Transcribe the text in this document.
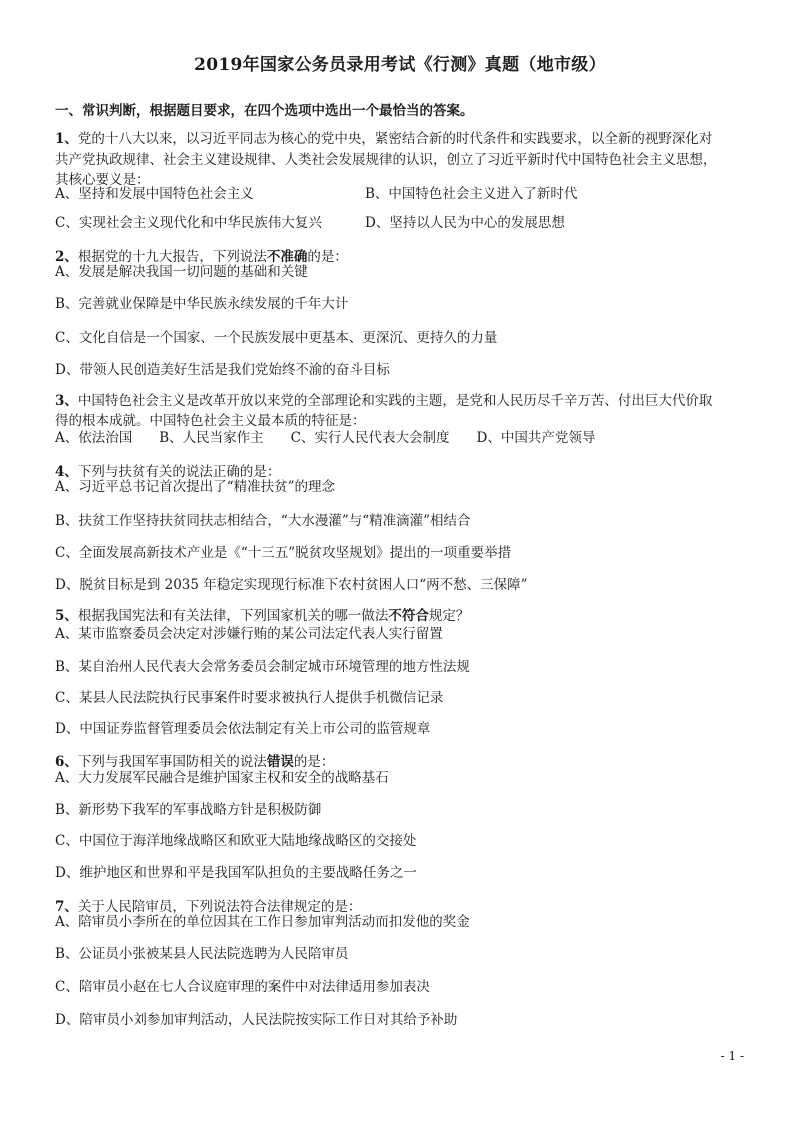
2019年国家公务员录用考试《行测》真题（地市级）
一、常识判断，根据题目要求，在四个选项中选出一个最恰当的答案。
1、党的十八大以来，以习近平同志为核心的党中央，紧密结合新的时代条件和实践要求，以全新的视野深化对
共产党执政规律、社会主义建设规律、人类社会发展规律的认识，创立了习近平新时代中国特色社会主义思想，
其核心要义是：
A、坚持和发展中国特色社会主义	B、中国特色社会主义进入了新时代
C、实现社会主义现代化和中华民族伟大复兴	D、坚持以人民为中心的发展思想
2、根据党的十九大报告，下列说法不准确的是：
A、发展是解决我国一切问题的基础和关键
B、完善就业保障是中华民族永续发展的千年大计
C、文化自信是一个国家、一个民族发展中更基本、更深沉、更持久的力量
D、带领人民创造美好生活是我们党始终不渝的奋斗目标
3、中国特色社会主义是改革开放以来党的全部理论和实践的主题，是党和人民历尽千辛万苦、付出巨大代价取
得的根本成就。中国特色社会主义最本质的特征是：
A、依法治国　　B、人民当家作主　　C、实行人民代表大会制度　　D、中国共产党领导
4、下列与扶贫有关的说法正确的是：
A、习近平总书记首次提出了“精准扶贫”的理念
B、扶贫工作坚持扶贫同扶志相结合，“大水漫灌”与“精准滴灌”相结合
C、全面发展高新技术产业是《“十三五”脱贫攻坚规划》提出的一项重要举措
D、脱贫目标是到 2035 年稳定实现现行标准下农村贫困人口“两不愁、三保障”
5、根据我国宪法和有关法律，下列国家机关的哪一做法不符合规定？
A、某市监察委员会决定对涉嫌行贿的某公司法定代表人实行留置
B、某自治州人民代表大会常务委员会制定城市环境管理的地方性法规
C、某县人民法院执行民事案件时要求被执行人提供手机微信记录
D、中国证券监督管理委员会依法制定有关上市公司的监管规章
6、下列与我国军事国防相关的说法错误的是：
A、大力发展军民融合是维护国家主权和安全的战略基石
B、新形势下我军的军事战略方针是积极防御
C、中国位于海洋地缘战略区和欧亚大陆地缘战略区的交接处
D、维护地区和世界和平是我国军队担负的主要战略任务之一
7、关于人民陪审员，下列说法符合法律规定的是：
A、陪审员小李所在的单位因其在工作日参加审判活动而扣发他的奖金
B、公证员小张被某县人民法院选聘为人民陪审员
C、陪审员小赵在七人合议庭审理的案件中对法律适用参加表决
D、陪审员小刘参加审判活动，人民法院按实际工作日对其给予补助
- 1 -
